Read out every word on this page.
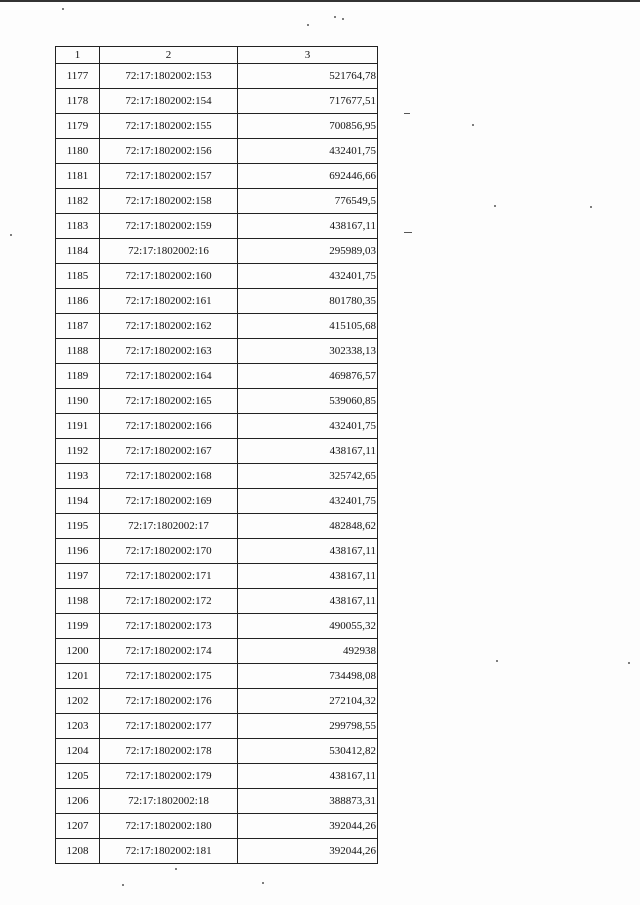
1	2	3
1177	72:17:1802002:153	521764,78
1178	72:17:1802002:154	717677,51
1179	72:17:1802002:155	700856,95
1180	72:17:1802002:156	432401,75
1181	72:17:1802002:157	692446,66
1182	72:17:1802002:158	776549,5
1183	72:17:1802002:159	438167,11
1184	72:17:1802002:16	295989,03
1185	72:17:1802002:160	432401,75
1186	72:17:1802002:161	801780,35
1187	72:17:1802002:162	415105,68
1188	72:17:1802002:163	302338,13
1189	72:17:1802002:164	469876,57
1190	72:17:1802002:165	539060,85
1191	72:17:1802002:166	432401,75
1192	72:17:1802002:167	438167,11
1193	72:17:1802002:168	325742,65
1194	72:17:1802002:169	432401,75
1195	72:17:1802002:17	482848,62
1196	72:17:1802002:170	438167,11
1197	72:17:1802002:171	438167,11
1198	72:17:1802002:172	438167,11
1199	72:17:1802002:173	490055,32
1200	72:17:1802002:174	492938
1201	72:17:1802002:175	734498,08
1202	72:17:1802002:176	272104,32
1203	72:17:1802002:177	299798,55
1204	72:17:1802002:178	530412,82
1205	72:17:1802002:179	438167,11
1206	72:17:1802002:18	388873,31
1207	72:17:1802002:180	392044,26
1208	72:17:1802002:181	392044,26
